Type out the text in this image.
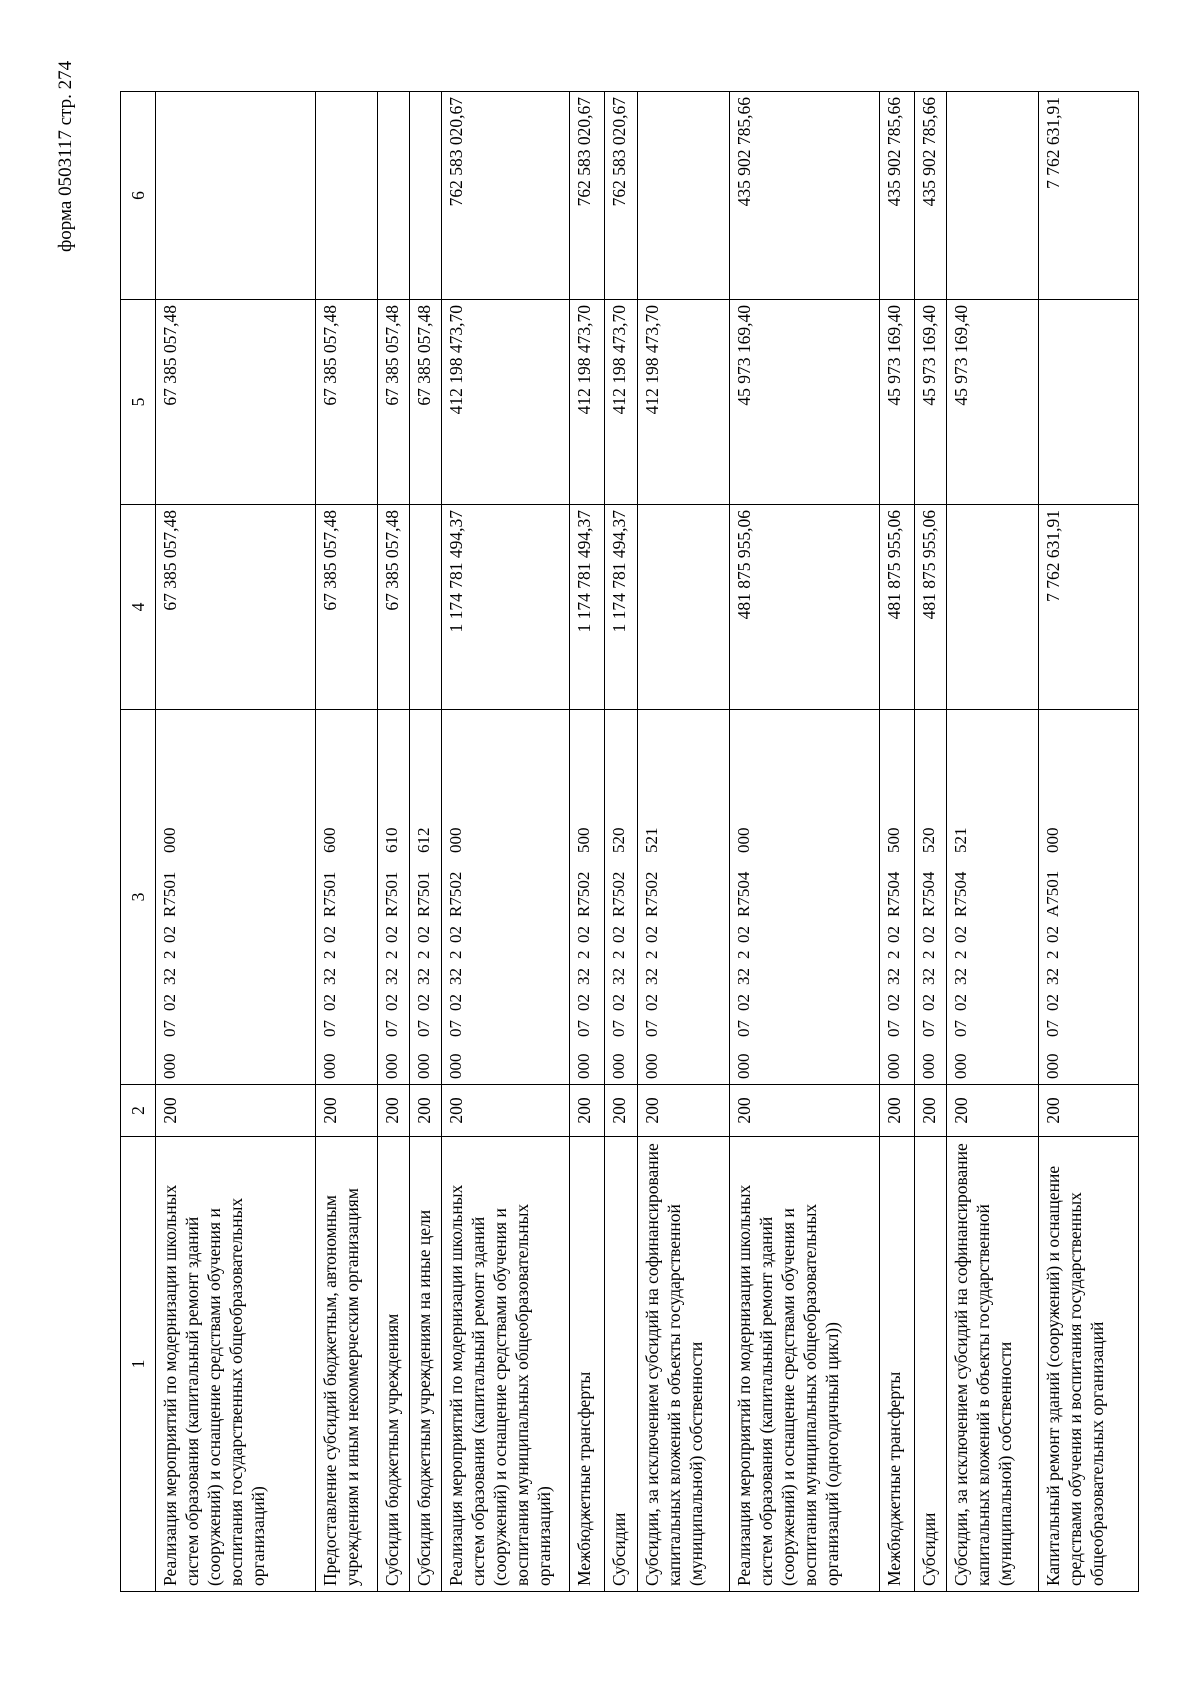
форма 0503117 стр. 274
1	2	3	4	5	6
Реализация мероприятий по модернизации школьных систем образования (капитальный ремонт зданий (сооружений) и оснащение средствами обучения и воспитания государственных общеобразовательных организаций)	200	000070232202R7501000	67 385 057,48	67 385 057,48	
Предоставление субсидий бюджетным, автономным учреждениям и иным некоммерческим организациям	200	000070232202R7501600	67 385 057,48	67 385 057,48	
Субсидии бюджетным учреждениям	200	000070232202R7501610	67 385 057,48	67 385 057,48	
Субсидии бюджетным учреждениям на иные цели	200	000070232202R7501612		67 385 057,48	
Реализация мероприятий по модернизации школьных систем образования (капитальный ремонт зданий (сооружений) и оснащение средствами обучения и воспитания муниципальных общеобразовательных организаций)	200	000070232202R7502000	1 174 781 494,37	412 198 473,70	762 583 020,67
Межбюджетные трансферты	200	000070232202R7502500	1 174 781 494,37	412 198 473,70	762 583 020,67
Субсидии	200	000070232202R7502520	1 174 781 494,37	412 198 473,70	762 583 020,67
Субсидии, за исключением субсидий на софинансирование капитальных вложений в объекты государственной (муниципальной) собственности	200	000070232202R7502521		412 198 473,70	
Реализация мероприятий по модернизации школьных систем образования (капитальный ремонт зданий (сооружений) и оснащение средствами обучения и воспитания муниципальных общеобразовательных организаций (одногодичный цикл))	200	000070232202R7504000	481 875 955,06	45 973 169,40	435 902 785,66
Межбюджетные трансферты	200	000070232202R7504500	481 875 955,06	45 973 169,40	435 902 785,66
Субсидии	200	000070232202R7504520	481 875 955,06	45 973 169,40	435 902 785,66
Субсидии, за исключением субсидий на софинансирование капитальных вложений в объекты государственной (муниципальной) собственности	200	000070232202R7504521		45 973 169,40	
Капитальный ремонт зданий (сооружений) и оснащение средствами обучения и воспитания государственных общеобразовательных организаций	200	000070232202A7501000	7 762 631,91		7 762 631,91
